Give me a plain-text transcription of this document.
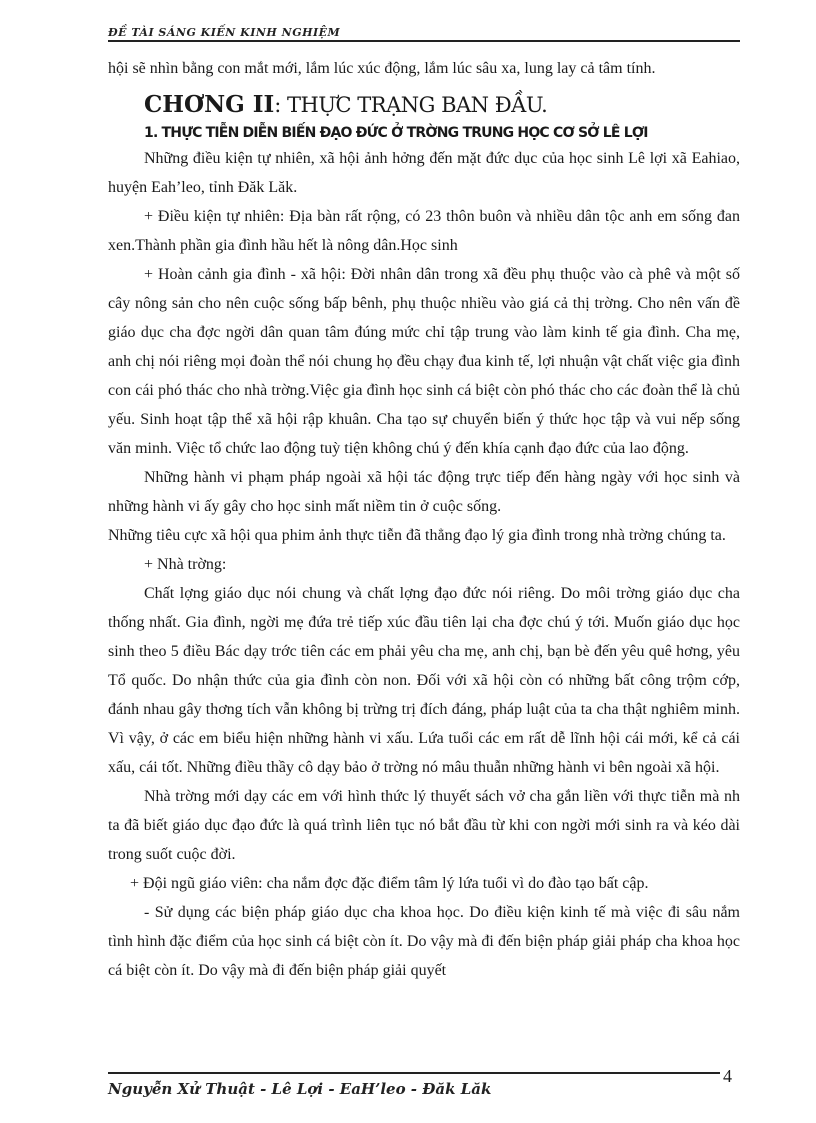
ĐỀ TÀI SÁNG KIẾN KINH NGHIỆM

hội sẽ nhìn bằng con mắt mới, lắm lúc xúc động, lắm lúc sâu xa, lung lay cả tâm tính.

CHƠNG II: THỰC TRẠNG BAN ĐẦU.
1. THỰC TIỄN DIỄN BIẾN ĐẠO ĐỨC Ở TRỜNG TRUNG HỌC CƠ SỞ LÊ LỢI

Những điều kiện tự nhiên, xã hội ảnh hởng đến mặt đức dục của học sinh Lê lợi xã Eahiao, huyện Eah’leo, tỉnh Đăk Lăk.

+ Điều kiện tự nhiên: Địa bàn rất rộng, có 23 thôn buôn và nhiều dân tộc anh em sống đan xen.Thành phần gia đình hầu hết là nông dân.Học sinh

+ Hoàn cảnh gia đình - xã hội: Đời nhân dân trong xã đều phụ thuộc vào cà phê và một số cây nông sản cho nên cuộc sống bấp bênh, phụ thuộc nhiều vào giá cả thị trờng. Cho nên vấn đề giáo dục cha đợc ngời dân quan tâm đúng mức chỉ tập trung vào làm kinh tế gia đình. Cha mẹ, anh chị nói riêng mọi đoàn thể nói chung họ đều chạy đua kinh tế, lợi nhuận vật chất việc gia đình con cái phó thác cho nhà trờng.Việc gia đình học sinh cá biệt còn phó thác cho các đoàn thể là chủ yếu. Sinh hoạt tập thể xã hội rập khuân. Cha tạo sự chuyển biến ý thức học tập và vui nếp sống văn minh. Việc tổ chức lao động tuỳ tiện không chú ý đến khía cạnh đạo đức của lao động.

Những hành vi phạm pháp ngoài xã hội tác động trực tiếp đến hàng ngày với học sinh và những hành vi ấy gây cho học sinh mất niềm tin ở cuộc sống.

Những tiêu cực xã hội qua phim ảnh thực tiễn đã thẳng đạo lý gia đình trong nhà trờng chúng ta.

+ Nhà trờng:

Chất lợng giáo dục nói chung và chất lợng đạo đức nói riêng. Do môi trờng giáo dục cha thống nhất. Gia đình, ngời mẹ đứa trẻ tiếp xúc đầu tiên lại cha đợc chú ý tới. Muốn giáo dục học sinh theo 5 điều Bác dạy trớc tiên các em phải yêu cha mẹ, anh chị, bạn bè đến yêu quê hơng, yêu Tổ quốc. Do nhận thức của gia đình còn non. Đối với xã hội còn có những bất công trộm cớp, đánh nhau gây thơng tích vẫn không bị trừng trị đích đáng, pháp luật của ta cha thật nghiêm minh. Vì vậy, ở các em biểu hiện những hành vi xấu. Lứa tuổi các em rất dễ lĩnh hội cái mới, kể cả cái xấu, cái tốt. Những điều thầy cô dạy bảo ở trờng nó mâu thuẫn những hành vi bên ngoài xã hội.

Nhà trờng mới dạy các em với hình thức lý thuyết sách vở cha gắn liền với thực tiễn mà nh ta đã biết giáo dục đạo đức là quá trình liên tục nó bắt đầu từ khi con ngời mới sinh ra và kéo dài trong suốt cuộc đời.

+ Đội ngũ giáo viên: cha nắm đợc đặc điểm tâm lý lứa tuổi vì do đào tạo bất cập.

- Sử dụng các biện pháp giáo dục cha khoa học. Do điều kiện kinh tế mà việc đi sâu nắm tình hình đặc điểm của học sinh cá biệt còn ít. Do vậy mà đi đến biện pháp giải pháp cha khoa học cá biệt còn ít. Do vậy mà đi đến biện pháp giải quyết

Nguyễn Xử Thuật - Lê Lợi - EaH’leo - Đăk Lăk
4
